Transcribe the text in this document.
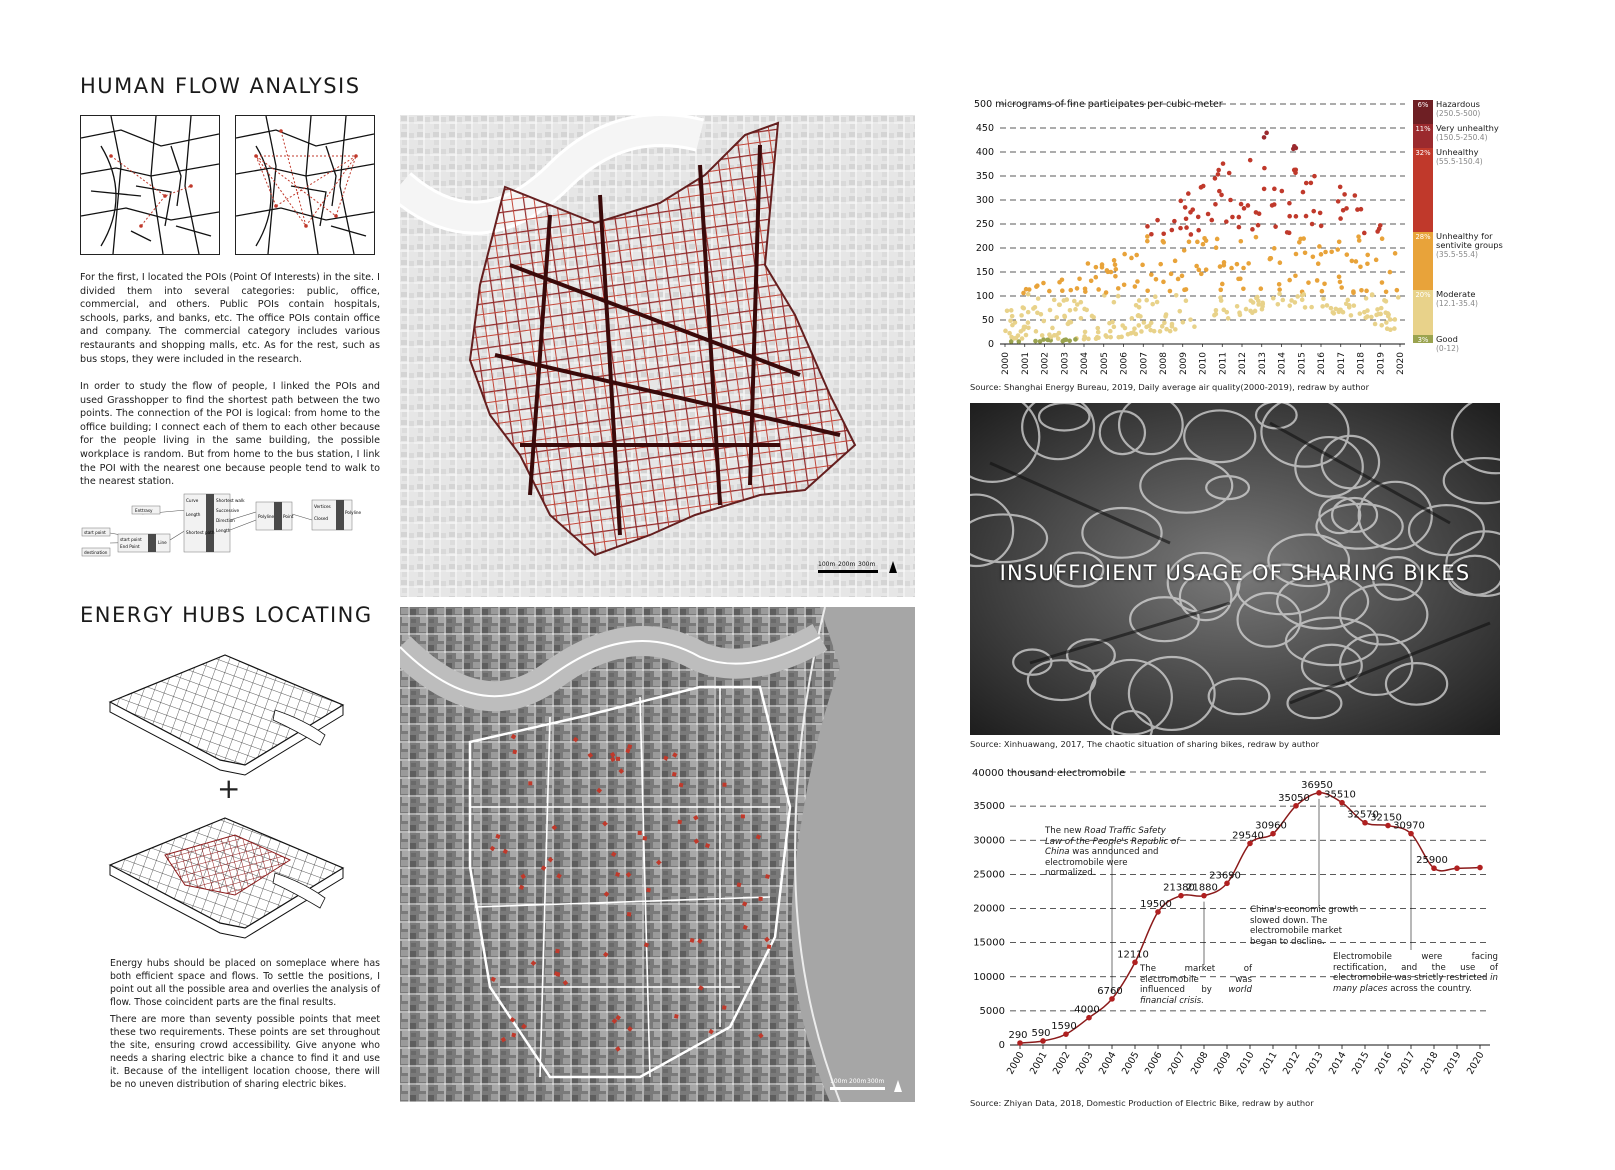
HUMAN FLOW ANALYSIS

For the first, I located the POIs (Point Of Interests) in the site. I divided them into several categories: public, office, commercial, and others. Public POIs contain hospitals, schools, parks, and banks, etc. The office POIs contain office and company. The commercial category includes various restaurants and shopping malls, etc. As for the rest, such as bus stops, they were included in the research.

In order to study the flow of people, I linked the POIs and used Grasshopper to find the shortest path between the two points. The connection of the POI is logical: from home to the office building; I connect each of them to each other because for the people living in the same building, the possible workplace is random. But from home to the bus station, I link the POI with the nearest one because people tend to walk to the nearest station.

Enttrasy
start point
destination
start point
End Point
Line
Curve
Length
Shortest path
Shortest walk
Successive
Direction
Length
Polyline Point
Vertices
Closed
Polyline
ENERGY HUBS LOCATING
+

Energy hubs should be placed on someplace where has both efficient space and flows. To settle the positions, I point out all the possible area and overlies the analysis of flow. Those coincident parts are the final results.

There are more than seventy possible points that meet these two requirements. These points are set throughout the site, ensuring crowd accessibility. Give anyone who needs a sharing electric bike a chance to find it and use it. Because of the intelligent location choose, there will be no uneven distribution of sharing electric bikes.

100m 200m 300m
100m 200m 300m
0
50
100
150
200
250
300
350
400
450
500 micrograms of fine participates per cubic meter
2000 2001 2002 2003 2004 2005 2006 2007 2008 2009 2010 2011 2012 2013 2014 2015 2016 2017 2018 2019 2020
Source: Shanghai Energy Bureau, 2019, Daily average air quality(2000-2019), redraw by author
6% Hazardous
(250.5-500)
11% Very unhealthy
(150.5-250.4)
32% Unhealthy
(55.5-150.4)
28% Unhealthy for sentivite groups
(35.5-55.4)
20% Moderate
(12.1-35.4)
3% Good
(0-12)
INSUFFICIENT USAGE OF SHARING BIKES
Source: Xinhuawang, 2017, The chaotic situation of sharing bikes, redraw by author
0
5000
10000
15000
20000
25000
30000
35000
40000 thousand electromobile
2000 2001 2002 2003 2004 2005 2006 2007 2008 2009 2010 2011 2012 2013 2014 2015 2016 2017 2018 2019 2020
290 590
1590
4000
6760
12110
19500
21380
21880
23690
29540
30960
35050
36950
35510
32570
32150
30970
25900
The new Road Traffic Safety Law of the People's Republic of China was announced and electromobile were normalized.
The market of electromobile was influenced by world financial crisis.
China's economic growth slowed down. The electromobile market began to decline.
Electromobile were facing rectification, and the use of electromobile was strictly restricted in many places across the country.
Source: Zhiyan Data, 2018, Domestic Production of Electric Bike, redraw by author
